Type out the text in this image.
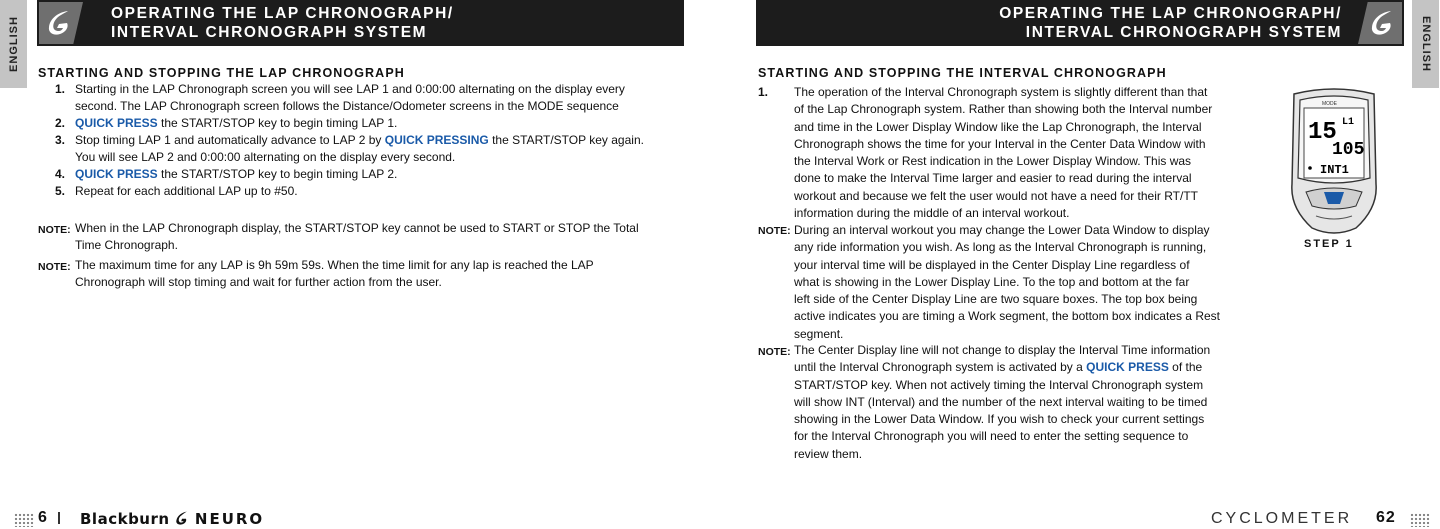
ENGLISH
OPERATING THE LAP CHRONOGRAPH/
INTERVAL CHRONOGRAPH SYSTEM
STARTING AND STOPPING THE LAP CHRONOGRAPH
1. Starting in the LAP Chronograph screen you will see LAP 1 and 0:00:00 alternating on the display every
second. The LAP Chronograph screen follows the Distance/Odometer screens in the MODE sequence
2. QUICK PRESS the START/STOP key to begin timing LAP 1.
3. Stop timing LAP 1 and automatically advance to LAP 2 by QUICK PRESSING the START/STOP key again.
You will see LAP 2 and 0:00:00 alternating on the display every second.
4. QUICK PRESS the START/STOP key to begin timing LAP 2.
5. Repeat for each additional LAP up to #50.
NOTE: When in the LAP Chronograph display, the START/STOP key cannot be used to START or STOP the Total
Time Chronograph.
NOTE: The maximum time for any LAP is 9h 59m 59s. When the time limit for any lap is reached the LAP
Chronograph will stop timing and wait for further action from the user.
6 Blackburn NEURO
ENGLISH
OPERATING THE LAP CHRONOGRAPH/
INTERVAL CHRONOGRAPH SYSTEM
STARTING AND STOPPING THE INTERVAL CHRONOGRAPH
1. The operation of the Interval Chronograph system is slightly different than that
of the Lap Chronograph system. Rather than showing both the Interval number
and time in the Lower Display Window like the Lap Chronograph, the Interval
Chronograph shows the time for your Interval in the Center Data Window with
the Interval Work or Rest indication in the Lower Display Window. This was
done to make the Interval Time larger and easier to read during the interval
workout and because we felt the user would not have a need for their RT/TT
information during the middle of an interval workout.
NOTE: During an interval workout you may change the Lower Data Window to display
any ride information you wish. As long as the Interval Chronograph is running,
your interval time will be displayed in the Center Display Line regardless of
what is showing in the Lower Display Line. To the top and bottom at the far
left side of the Center Display Line are two square boxes. The top box being
active indicates you are timing a Work segment, the bottom box indicates a Rest
segment.
NOTE: The Center Display line will not change to display the Interval Time information
until the Interval Chronograph system is activated by a QUICK PRESS of the
START/STOP key. When not actively timing the Interval Chronograph system
will show INT (Interval) and the number of the next interval waiting to be timed
showing in the Lower Data Window. If you wish to check your current settings
for the Interval Chronograph you will need to enter the setting sequence to
review them.
MODE
15 L1
105
INT1
STEP 1
CYCLOMETER 62
